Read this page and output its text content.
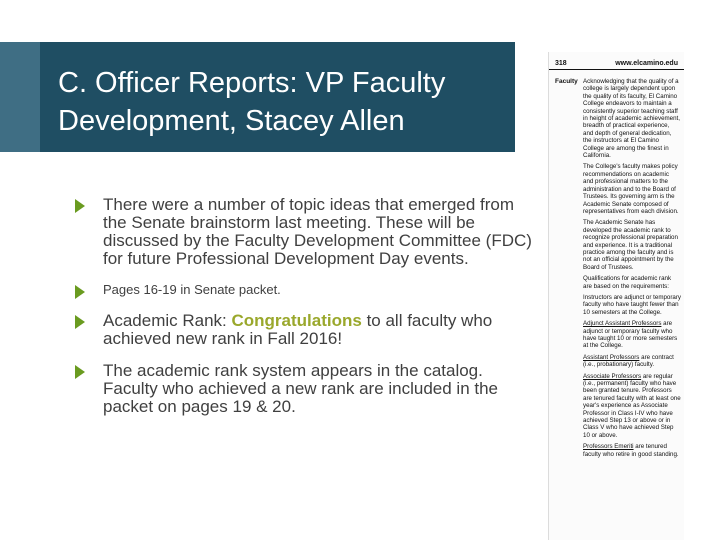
C. Officer Reports: VP Faculty
Development, Stacey Allen
There were a number of topic ideas that emerged from the Senate brainstorm last meeting. These will be discussed by the Faculty Development Committee (FDC) for future Professional Development Day events.
Pages 16-19 in Senate packet.
Academic Rank: Congratulations to all faculty who achieved new rank in Fall 2016!
The academic rank system appears in the catalog. Faculty who achieved a new rank are included in the packet on pages 19 & 20.
318	www.elcamino.edu
Faculty Acknowledging that the quality of a college is largely dependent upon the quality of its faculty, El Camino College endeavors to maintain a consistently superior teaching staff in height of academic achievement, breadth of practical experience, and depth of general dedication, the instructors at El Camino College are among the finest in California.

The College's faculty makes policy recommendations on academic and professional matters to the administration and to the Board of Trustees. Its governing arm is the Academic Senate composed of representatives from each division.

The Academic Senate has developed the academic rank to recognize professional preparation and experience. It is a traditional practice among the faculty and is not an official appointment by the Board of Trustees.

Qualifications for academic rank are based on the requirements:

Instructors are adjunct or temporary faculty who have taught fewer than 10 semesters at the College.

Adjunct Assistant Professors are adjunct or temporary faculty who have taught 10 or more semesters at the College.

Assistant Professors are contract (i.e., probationary) faculty.

Associate Professors are regular (i.e., permanent) faculty who have been granted tenure. Professors are tenured faculty with at least one year's experience as Associate Professor in Class I-IV who have achieved Step 13 or above or in Class V who have achieved Step 10 or above.

Professors Emeriti are tenured faculty who retire in good standing.
